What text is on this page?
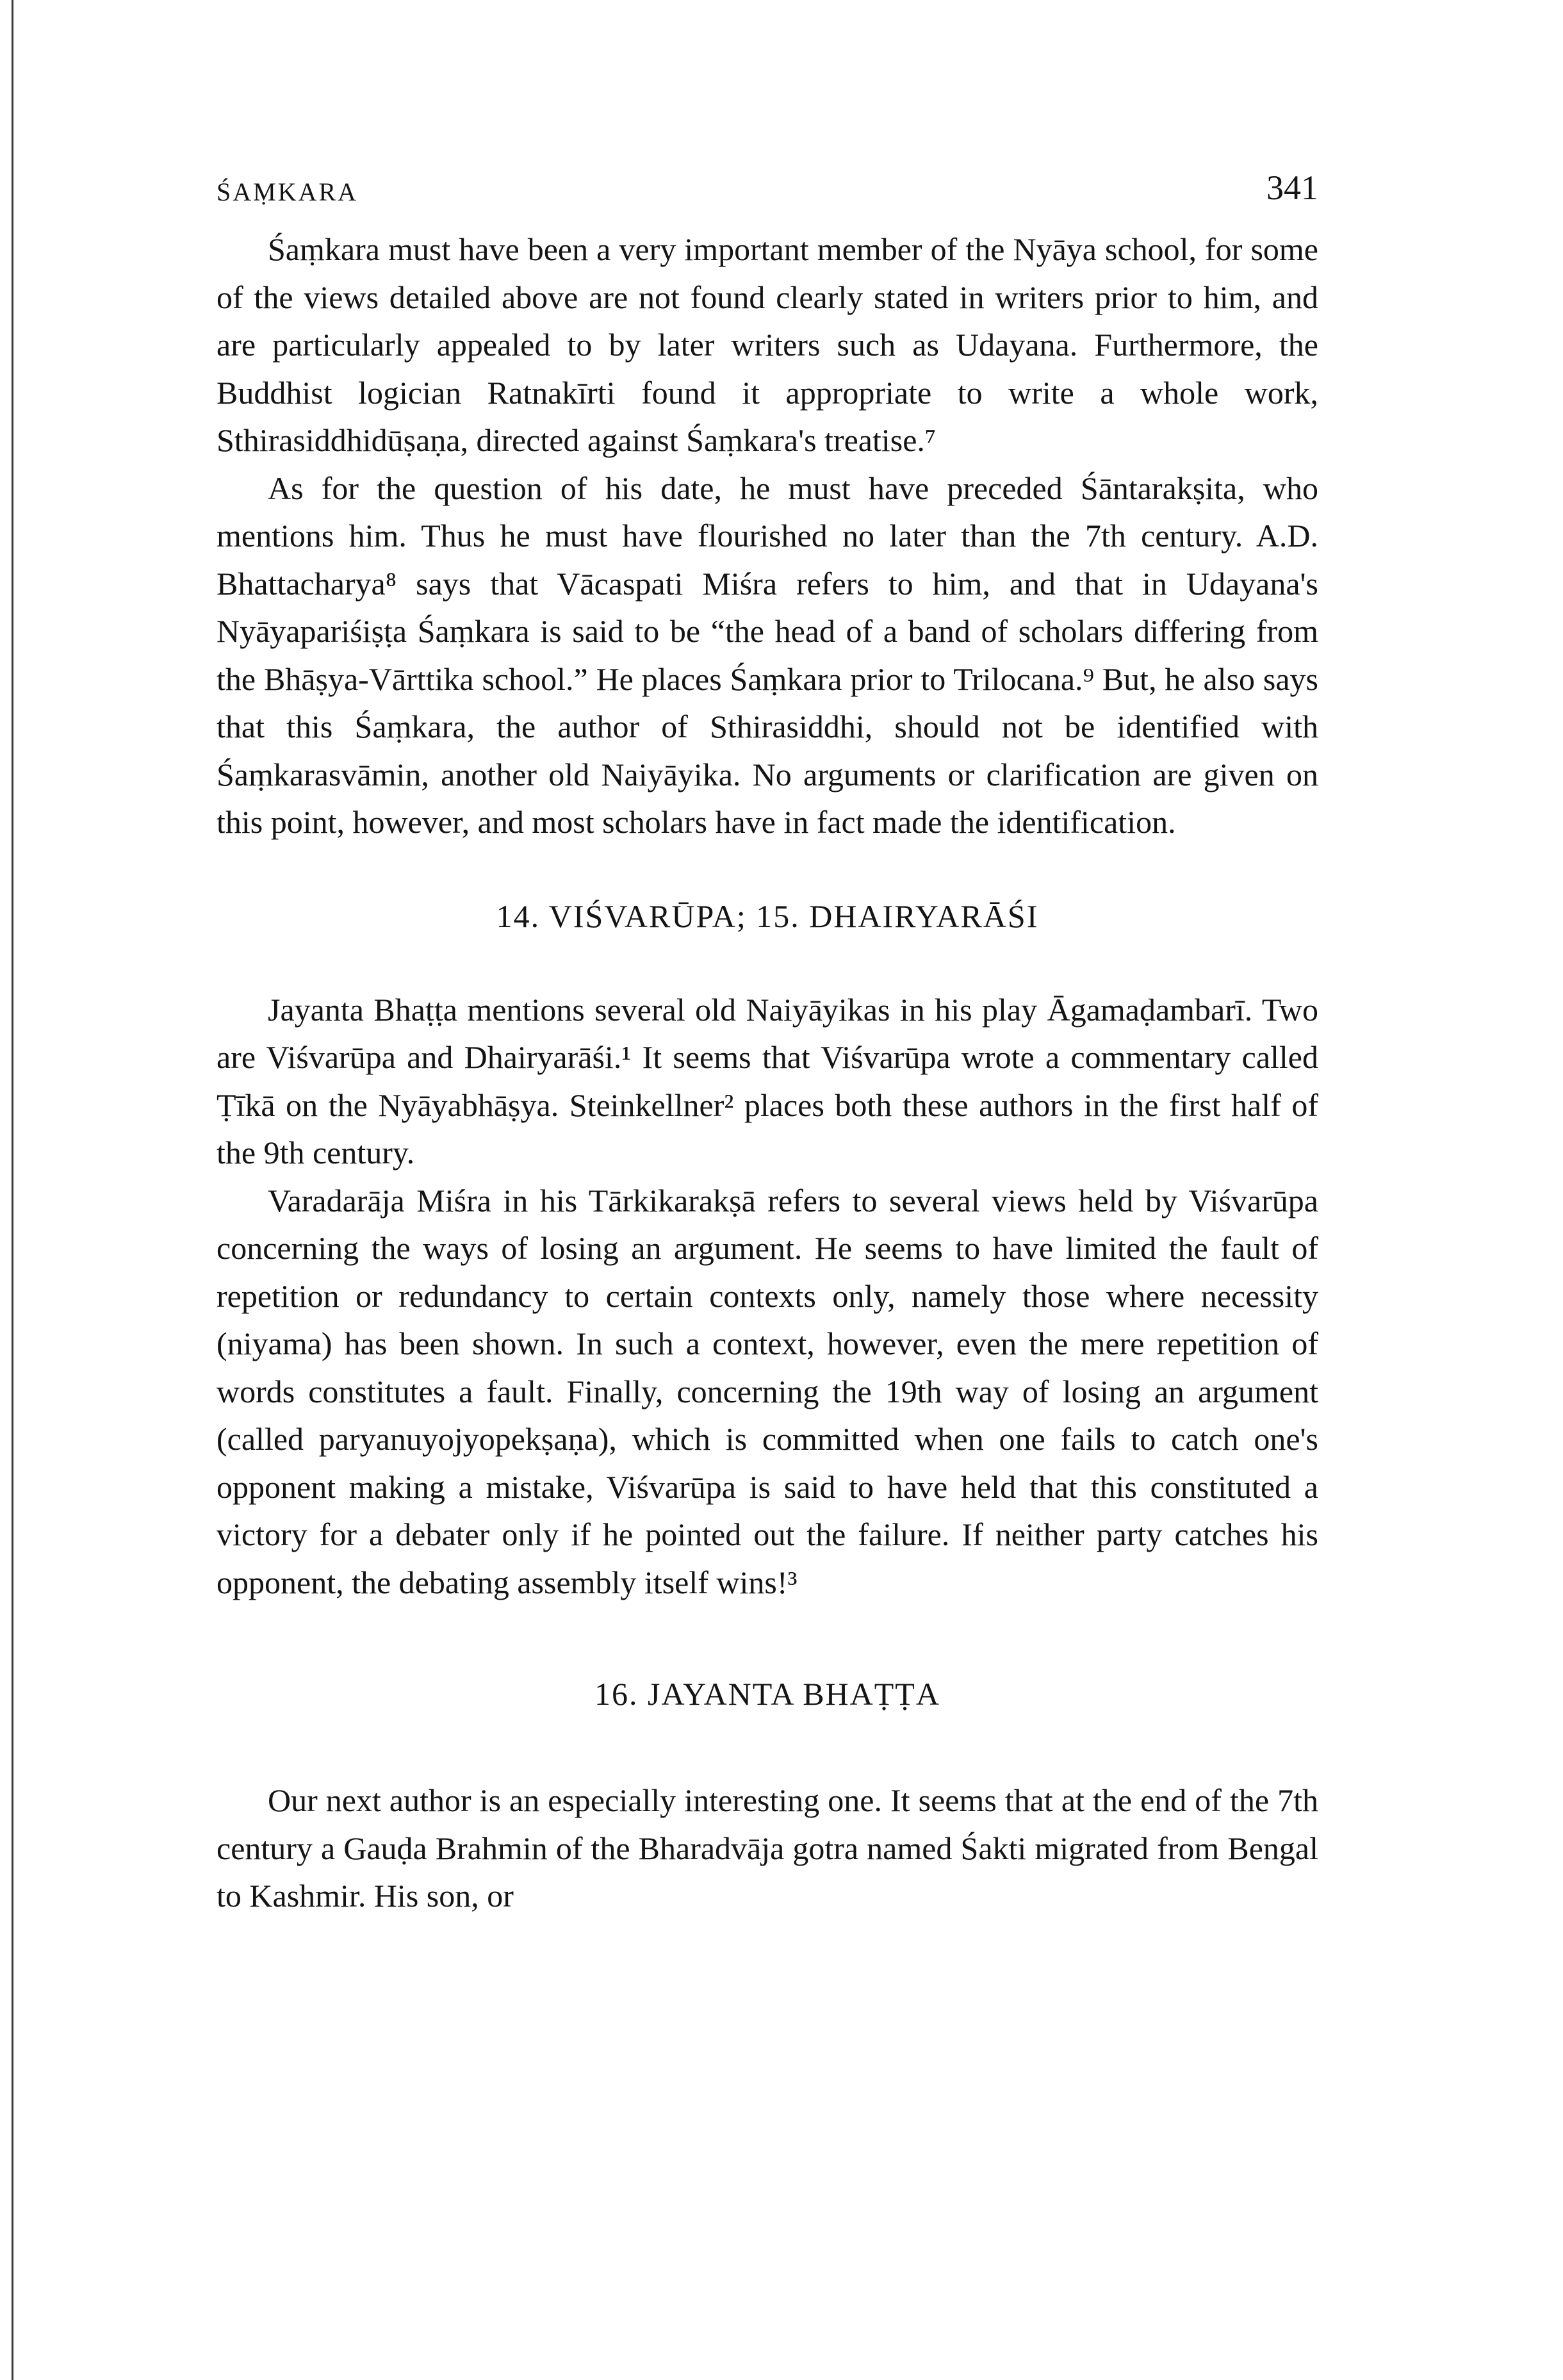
ŚAṂKARA	341

Śaṃkara must have been a very important member of the Nyāya school, for some of the views detailed above are not found clearly stated in writers prior to him, and are particularly appealed to by later writers such as Udayana. Furthermore, the Buddhist logician Ratnakīrti found it appropriate to write a whole work, Sthirasiddhidūṣaṇa, directed against Śaṃkara's treatise.⁷

As for the question of his date, he must have preceded Śāntarakṣita, who mentions him. Thus he must have flourished no later than the 7th century. A.D. Bhattacharya⁸ says that Vācaspati Miśra refers to him, and that in Udayana's Nyāyapariśiṣṭa Śaṃkara is said to be “the head of a band of scholars differing from the Bhāṣya-Vārttika school.” He places Śaṃkara prior to Trilocana.⁹ But, he also says that this Śaṃkara, the author of Sthirasiddhi, should not be identified with Śaṃkarasvāmin, another old Naiyāyika. No arguments or clarification are given on this point, however, and most scholars have in fact made the identification.

14. VIŚVARŪPA; 15. DHAIRYARĀŚI

Jayanta Bhaṭṭa mentions several old Naiyāyikas in his play Āgamaḍambarī. Two are Viśvarūpa and Dhairyarāśi.¹ It seems that Viśvarūpa wrote a commentary called Ṭīkā on the Nyāyabhāṣya. Steinkellner² places both these authors in the first half of the 9th century.

Varadarāja Miśra in his Tārkikarakṣā refers to several views held by Viśvarūpa concerning the ways of losing an argument. He seems to have limited the fault of repetition or redundancy to certain contexts only, namely those where necessity (niyama) has been shown. In such a context, however, even the mere repetition of words constitutes a fault. Finally, concerning the 19th way of losing an argument (called paryanuyojyopekṣaṇa), which is committed when one fails to catch one's opponent making a mistake, Viśvarūpa is said to have held that this constituted a victory for a debater only if he pointed out the failure. If neither party catches his opponent, the debating assembly itself wins!³

16. JAYANTA BHAṬṬA

Our next author is an especially interesting one. It seems that at the end of the 7th century a Gauḍa Brahmin of the Bharadvāja gotra named Śakti migrated from Bengal to Kashmir. His son, or
